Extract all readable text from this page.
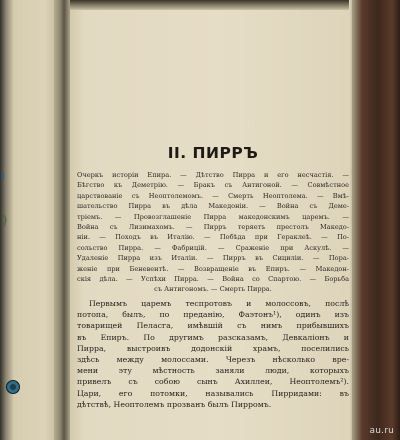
)
II. ПИРРЪ
Очеркъ исторіи Епира. — Дѣтство Пирра и его несчастія. —
Бѣгство къ Деметрію. — Бракъ съ Антигоной. — Совмѣстное
царствованіе съ Неоптолемомъ. — Смерть Неоптолема. — Вмѣ-
шательство Пирра въ дѣла Македоніи. — Война съ Деме-
тріемъ. — Провозглашеніе Пирра македонскимъ царемъ. —
Война съ Лизимахомъ. — Пирръ теряетъ престолъ Македо-
ніи. — Походъ въ Италію. — Побѣда при Гераклеѣ. — По-
сольство Пирра. — Фабрицій. — Сраженіе при Аскулѣ. —
Удаленіе Пирра изъ Италіи. — Пирръ въ Сициліи. — Пора-
женіе при Беневентѣ. — Возвращеніе въ Епиръ. — Македон-
скія дѣла. — Успѣхи Пирра. — Война со Спартою. — Борьба
съ Антигономъ. — Смерть Пирра.
Первымъ царемъ теспротовъ и молоссовъ, послѣ
потопа, былъ, по преданію, Фаэтонъ¹), одинъ изъ
товарищей Пеласга, имѣвшій съ нимъ прибывшихъ
въ Епиръ. По другимъ разсказамъ, Девкаліонъ и
Пирра, выстроивъ додонскій храмъ, поселились
здѣсь между молоссами. Черезъ нѣсколько вре-
мени эту мѣстность заняли люди, которыхъ
привелъ съ собою сынъ Ахиллеи, Неоптолемъ²).
Цари, его потомки, назывались Пирридами: въ
дѣтствѣ, Неоптолемъ прозванъ былъ Пирромъ.
au.ru
